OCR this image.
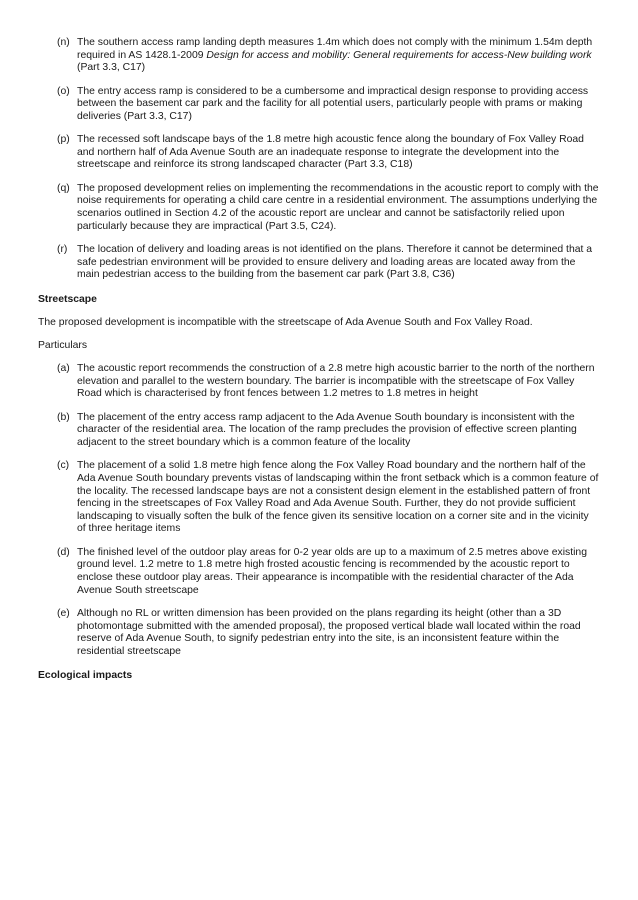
(n) The southern access ramp landing depth measures 1.4m which does not comply with the minimum 1.54m depth required in AS 1428.1-2009 Design for access and mobility: General requirements for access-New building work (Part 3.3, C17)
(o) The entry access ramp is considered to be a cumbersome and impractical design response to providing access between the basement car park and the facility for all potential users, particularly people with prams or making deliveries (Part 3.3, C17)
(p) The recessed soft landscape bays of the 1.8 metre high acoustic fence along the boundary of Fox Valley Road and northern half of Ada Avenue South are an inadequate response to integrate the development into the streetscape and reinforce its strong landscaped character (Part 3.3, C18)
(q) The proposed development relies on implementing the recommendations in the acoustic report to comply with the noise requirements for operating a child care centre in a residential environment. The assumptions underlying the scenarios outlined in Section 4.2 of the acoustic report are unclear and cannot be satisfactorily relied upon particularly because they are impractical (Part 3.5, C24).
(r) The location of delivery and loading areas is not identified on the plans. Therefore it cannot be determined that a safe pedestrian environment will be provided to ensure delivery and loading areas are located away from the main pedestrian access to the building from the basement car park (Part 3.8, C36)
Streetscape
The proposed development is incompatible with the streetscape of Ada Avenue South and Fox Valley Road.
Particulars
(a) The acoustic report recommends the construction of a 2.8 metre high acoustic barrier to the north of the northern elevation and parallel to the western boundary. The barrier is incompatible with the streetscape of Fox Valley Road which is characterised by front fences between 1.2 metres to 1.8 metres in height
(b) The placement of the entry access ramp adjacent to the Ada Avenue South boundary is inconsistent with the character of the residential area. The location of the ramp precludes the provision of effective screen planting adjacent to the street boundary which is a common feature of the locality
(c) The placement of a solid 1.8 metre high fence along the Fox Valley Road boundary and the northern half of the Ada Avenue South boundary prevents vistas of landscaping within the front setback which is a common feature of the locality. The recessed landscape bays are not a consistent design element in the established pattern of front fencing in the streetscapes of Fox Valley Road and Ada Avenue South. Further, they do not provide sufficient landscaping to visually soften the bulk of the fence given its sensitive location on a corner site and in the vicinity of three heritage items
(d) The finished level of the outdoor play areas for 0-2 year olds are up to a maximum of 2.5 metres above existing ground level. 1.2 metre to 1.8 metre high frosted acoustic fencing is recommended by the acoustic report to enclose these outdoor play areas. Their appearance is incompatible with the residential character of the Ada Avenue South streetscape
(e) Although no RL or written dimension has been provided on the plans regarding its height (other than a 3D photomontage submitted with the amended proposal), the proposed vertical blade wall located within the road reserve of Ada Avenue South, to signify pedestrian entry into the site, is an inconsistent feature within the residential streetscape
Ecological impacts
